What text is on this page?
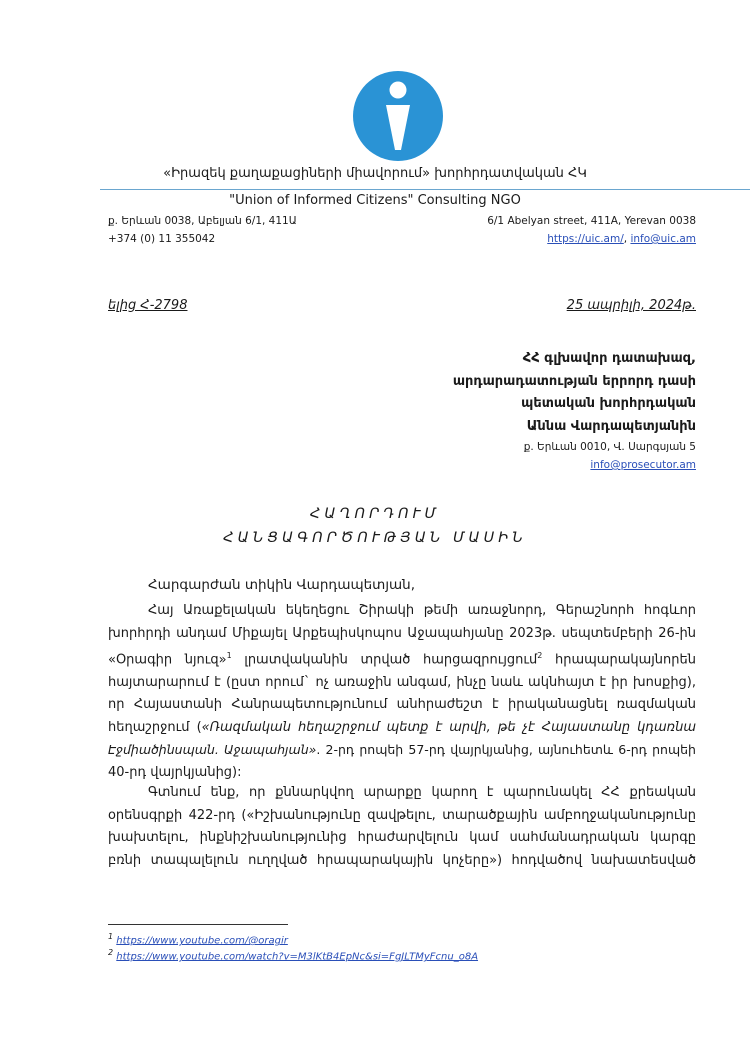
«Իրազեկ քաղաքացիների միավորում» խորհրդատվական ՀԿ
"Union of Informed Citizens" Consulting NGO
ք. Երևան 0038, Աբելյան 6/1, 411Ա
+374 (0) 11 355042
6/1 Abelyan street, 411A, Yerevan 0038
https://uic.am/, info@uic.am
ելից Հ-2798	25 ապրիլի, 2024թ.
ՀՀ գլխավոր դատախազ,
արդարադատության երրորդ դասի
պետական խորհրդական
Աննա Վարդապետյանին
ք. Երևան 0010, Վ. Սարգսյան 5
info@prosecutor.am
ՀԱՂՈՐԴՈՒՄ
ՀԱՆՑԱԳՈՐԾՈՒԹՅԱՆ ՄԱՍԻՆ
Հարգարժան տիկին Վարդապետյան,
Հայ Առաքելական եկեղեցու Շիրակի թեմի առաջնորդ, Գերաշնորհ հոգևոր
խորհրդի անդամ Միքայել Արքեպիսկոպոս Աջապահյանը 2023թ. սեպտեմբերի 26-ին
«Օրագիր նյուզ»$^1$ լրատվականին տրված հարցազրույցում$^2$ հրապարակայնորեն
հայտարարում է (ըստ որում` ոչ առաջին անգամ, ինչը նաև ակնհայտ է իր խոսքից),
որ Հայաստանի Հանրապետությունում անհրաժեշտ է իրականացնել ռազմական
հեղաշրջում («Ռազմական հեղաշրջում պետք է արվի, թե չէ Հայաստանը կդառնա
Էջմիածինսպան. Աջապահյան». 2-րդ րոպեի 57-րդ վայրկյանից, այնուհետև 6-րդ րոպեի
40-րդ վայրկյանից):
Գտնում ենք, որ քննարկվող արարքը կարող է պարունակել ՀՀ քրեական
օրենսգրքի 422-րդ («Իշխանությունը զավթելու, տարածքային ամբողջականությունը
խախտելու, ինքնիշխանությունից հրաժարվելուն կամ սահմանադրական կարգը
բռնի տապալելուն ուղղված հրապարակային կոչերը») հոդվածով նախատեսված
$^1$ https://www.youtube.com/@oragir
$^2$ https://www.youtube.com/watch?v=M3lKtB4EpNc&si=FgJLTMyFcnu_o8A
